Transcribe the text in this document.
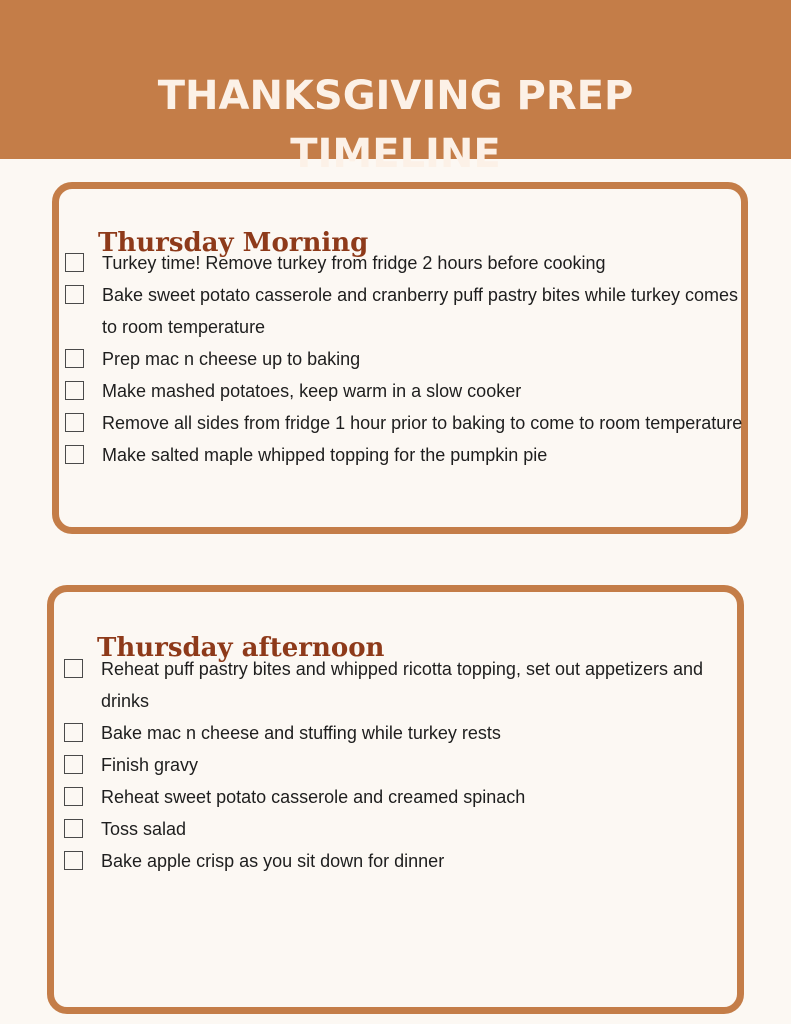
THANKSGIVING PREP
TIMELINE
Thursday Morning
Turkey time! Remove turkey from fridge 2 hours before cooking
Bake sweet potato casserole and cranberry puff pastry bites while turkey comes to room temperature
Prep mac n cheese up to baking
Make mashed potatoes, keep warm in a slow cooker
Remove all sides from fridge 1 hour prior to baking to come to room temperature
Make salted maple whipped topping for the pumpkin pie
Thursday afternoon
Reheat puff pastry bites and whipped ricotta topping, set out appetizers and drinks
Bake mac n cheese and stuffing while turkey rests
Finish gravy
Reheat sweet potato casserole and creamed spinach
Toss salad
Bake apple crisp as you sit down for dinner
